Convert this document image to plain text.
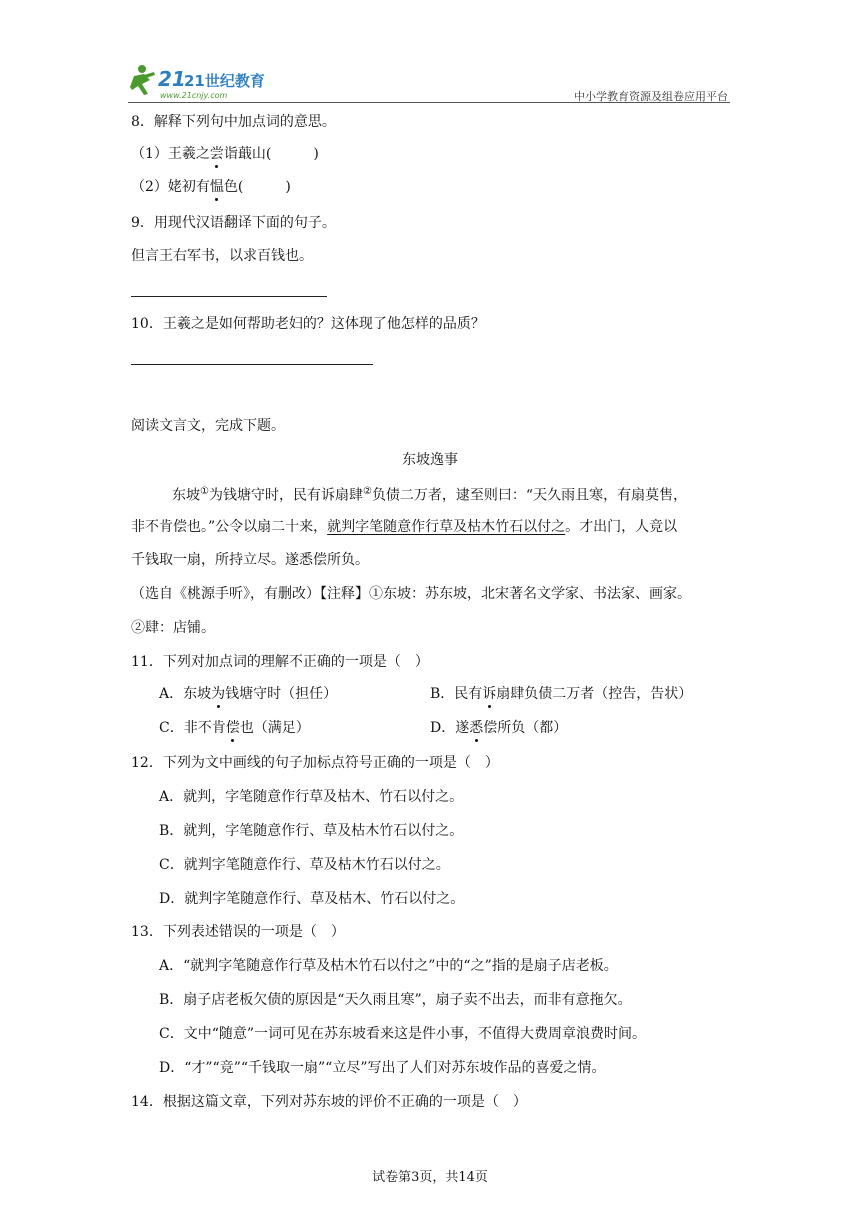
21
21世纪教育
www.21cnjy.com	中小学教育资源及组卷应用平台
8．解释下列句中加点词的意思。
（1）王羲之尝诣蕺山(　　　)
（2）姥初有愠色(　　　)
9．用现代汉语翻译下面的句子。
但言王右军书，以求百钱也。
10．王羲之是如何帮助老妇的？这体现了他怎样的品质？
阅读文言文，完成下题。
东坡逸事
东坡①为钱塘守时，民有诉扇肆②负债二万者，逮至则曰：“天久雨且寒，有扇莫售，
非不肯偿也。”公令以扇二十来，就判字笔随意作行草及枯木竹石以付之。才出门，人竞以
千钱取一扇，所持立尽。遂悉偿所负。
（选自《桃源手听》，有删改）【注释】①东坡：苏东坡，北宋著名文学家、书法家、画家。
②肆：店铺。
11．下列对加点词的理解不正确的一项是（　）
A．东坡为钱塘守时（担任）	B．民有诉扇肆负债二万者（控告，告状）
C．非不肯偿也（满足）	D．遂悉偿所负（都）
12．下列为文中画线的句子加标点符号正确的一项是（　）
A．就判，字笔随意作行草及枯木、竹石以付之。
B．就判，字笔随意作行、草及枯木竹石以付之。
C．就判字笔随意作行、草及枯木竹石以付之。
D．就判字笔随意作行、草及枯木、竹石以付之。
13．下列表述错误的一项是（　）
A．“就判字笔随意作行草及枯木竹石以付之”中的“之”指的是扇子店老板。
B．扇子店老板欠债的原因是“天久雨且寒”，扇子卖不出去，而非有意拖欠。
C．文中“随意”一词可见在苏东坡看来这是件小事，不值得大费周章浪费时间。
D．“才”“竞”“千钱取一扇”“立尽”写出了人们对苏东坡作品的喜爱之情。
14．根据这篇文章，下列对苏东坡的评价不正确的一项是（　）
试卷第3页，共14页
